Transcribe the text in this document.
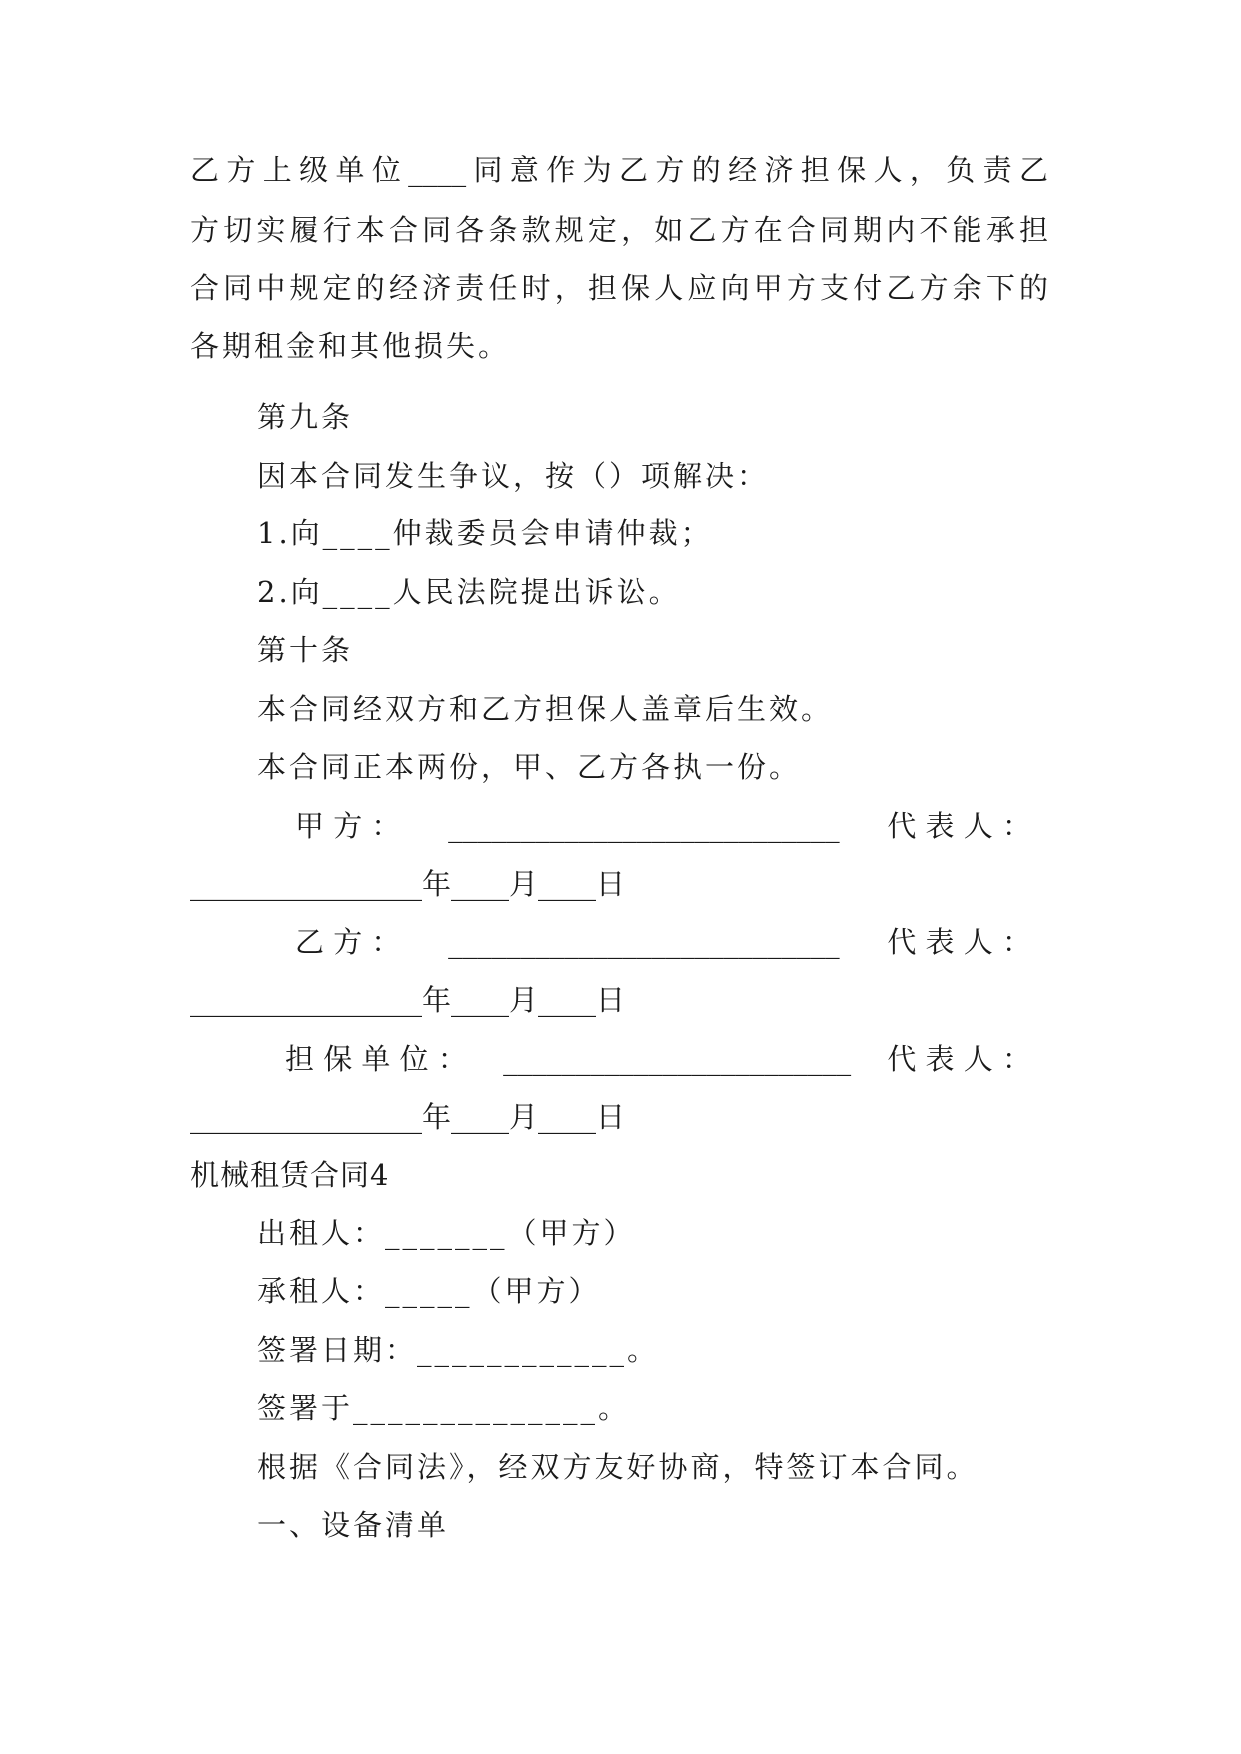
乙方上级单位____同意作为乙方的经济担保人，负责乙
方切实履行本合同各条款规定，如乙方在合同期内不能承担
合同中规定的经济责任时，担保人应向甲方支付乙方余下的
各期租金和其他损失。
第九条
因本合同发生争议，按（）项解决：
1.向____仲裁委员会申请仲裁；
2.向____人民法院提出诉讼。
第十条
本合同经双方和乙方担保人盖章后生效。
本合同正本两份，甲、乙方各执一份。
甲 方 ： ___________________________ 代 表 人 ：
________________年____月____日
乙 方 ： ___________________________ 代 表 人 ：
________________年____月____日
担 保 单 位 ： ________________________ 代 表 人 ：
________________年____月____日
机械租赁合同4
出租人：_______（甲方）
承租人：_____（甲方）
签署日期：____________。
签署于______________。
根据《合同法》，经双方友好协商，特签订本合同。
一、设备清单
